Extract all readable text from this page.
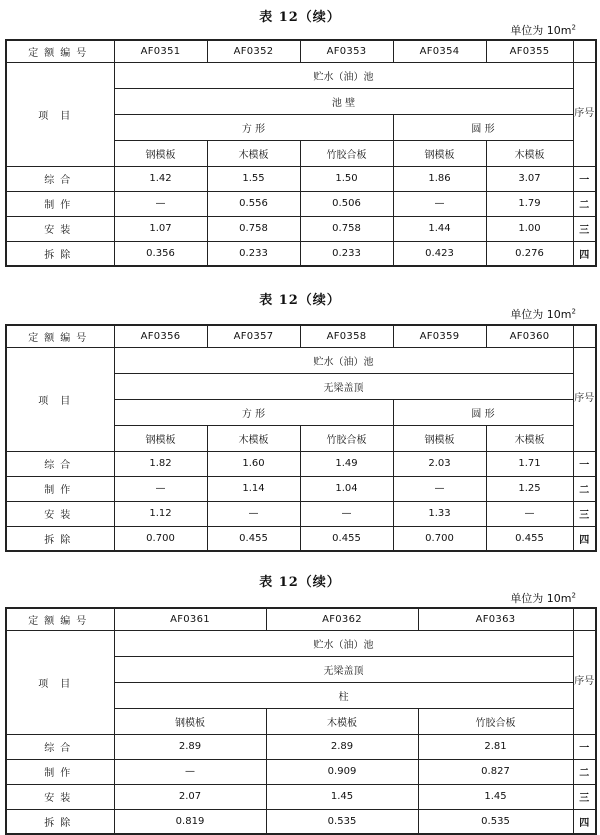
表 12（续）
单位为 $10m^2$
定额编号	AF0351	AF0352	AF0353	AF0354	AF0355	
项目	贮水（油）池					序号
	池 壁					
	方 形			圆 形		
	钢模板	木模板	竹胶合板	钢模板	木模板	
综合	1.42	1.55	1.50	1.86	3.07	一
制作	—	0.556	0.506	—	1.79	二
安装	1.07	0.758	0.758	1.44	1.00	三
拆除	0.356	0.233	0.233	0.423	0.276	四
表 12（续）
单位为 $10m^2$
定额编号	AF0356	AF0357	AF0358	AF0359	AF0360	
项目	贮水（油）池					序号
	无梁盖顶					
	方 形			圆 形		
	钢模板	木模板	竹胶合板	钢模板	木模板	
综合	1.82	1.60	1.49	2.03	1.71	一
制作	—	1.14	1.04	—	1.25	二
安装	1.12	—	—	1.33	—	三
拆除	0.700	0.455	0.455	0.700	0.455	四
表 12（续）
单位为 $10m^2$
定额编号	AF0361	AF0362	AF0363	
项目	贮水（油）池			序号
	无梁盖顶			
	柱			
	钢模板	木模板	竹胶合板	
综合	2.89	2.89	2.81	一
制作	—	0.909	0.827	二
安装	2.07	1.45	1.45	三
拆除	0.819	0.535	0.535	四
